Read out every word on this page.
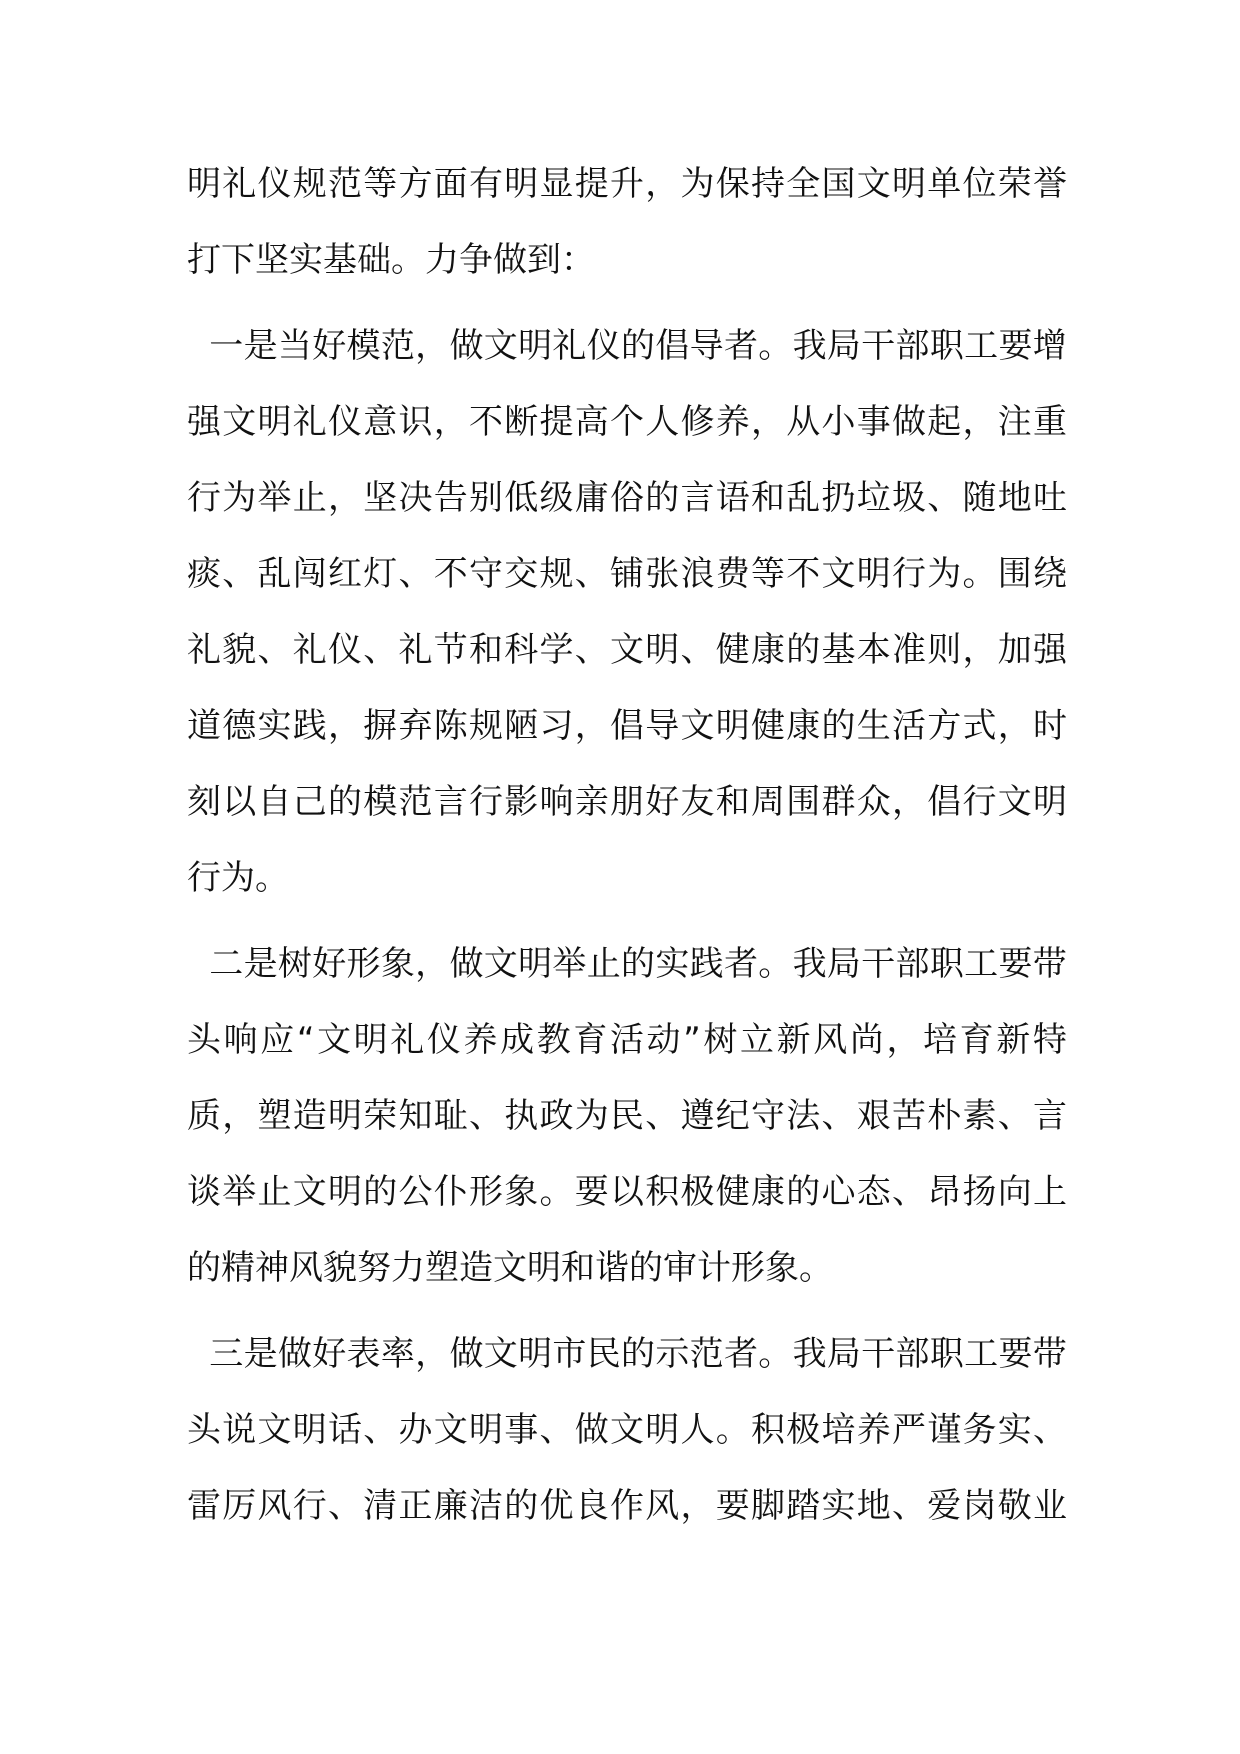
明 礼 仪 规 范 等 方 面 有 明 显 提 升 ， 为 保 持 全 国 文 明 单 位 荣 誉
打 下 坚 实 基 础 。 力 争 做 到 ：

一 是 当 好 模 范 ， 做 文 明 礼 仪 的 倡 导 者 。 我 局 干 部 职 工 要 增
强 文 明 礼 仪 意 识 ， 不 断 提 高 个 人 修 养 ， 从 小 事 做 起 ， 注 重
行 为 举 止 ， 坚 决 告 别 低 级 庸 俗 的 言 语 和 乱 扔 垃 圾 、 随 地 吐
痰 、 乱 闯 红 灯 、 不 守 交 规 、 铺 张 浪 费 等 不 文 明 行 为 。 围 绕
礼 貌 、 礼 仪 、 礼 节 和 科 学 、 文 明 、 健 康 的 基 本 准 则 ， 加 强
道 德 实 践 ， 摒 弃 陈 规 陋 习 ， 倡 导 文 明 健 康 的 生 活 方 式 ， 时
刻 以 自 己 的 模 范 言 行 影 响 亲 朋 好 友 和 周 围 群 众 ， 倡 行 文 明
行 为 。

二 是 树 好 形 象 ， 做 文 明 举 止 的 实 践 者 。 我 局 干 部 职 工 要 带
头 响 应 “ 文 明 礼 仪 养 成 教 育 活 动 ” 树 立 新 风 尚 ， 培 育 新 特
质 ， 塑 造 明 荣 知 耻 、 执 政 为 民 、 遵 纪 守 法 、 艰 苦 朴 素 、 言
谈 举 止 文 明 的 公 仆 形 象 。 要 以 积 极 健 康 的 心 态 、 昂 扬 向 上
的 精 神 风 貌 努 力 塑 造 文 明 和 谐 的 审 计 形 象 。

三 是 做 好 表 率 ， 做 文 明 市 民 的 示 范 者 。 我 局 干 部 职 工 要 带
头 说 文 明 话 、 办 文 明 事 、 做 文 明 人 。 积 极 培 养 严 谨 务 实 、
雷 厉 风 行 、 清 正 廉 洁 的 优 良 作 风 ， 要 脚 踏 实 地 、 爱 岗 敬 业
